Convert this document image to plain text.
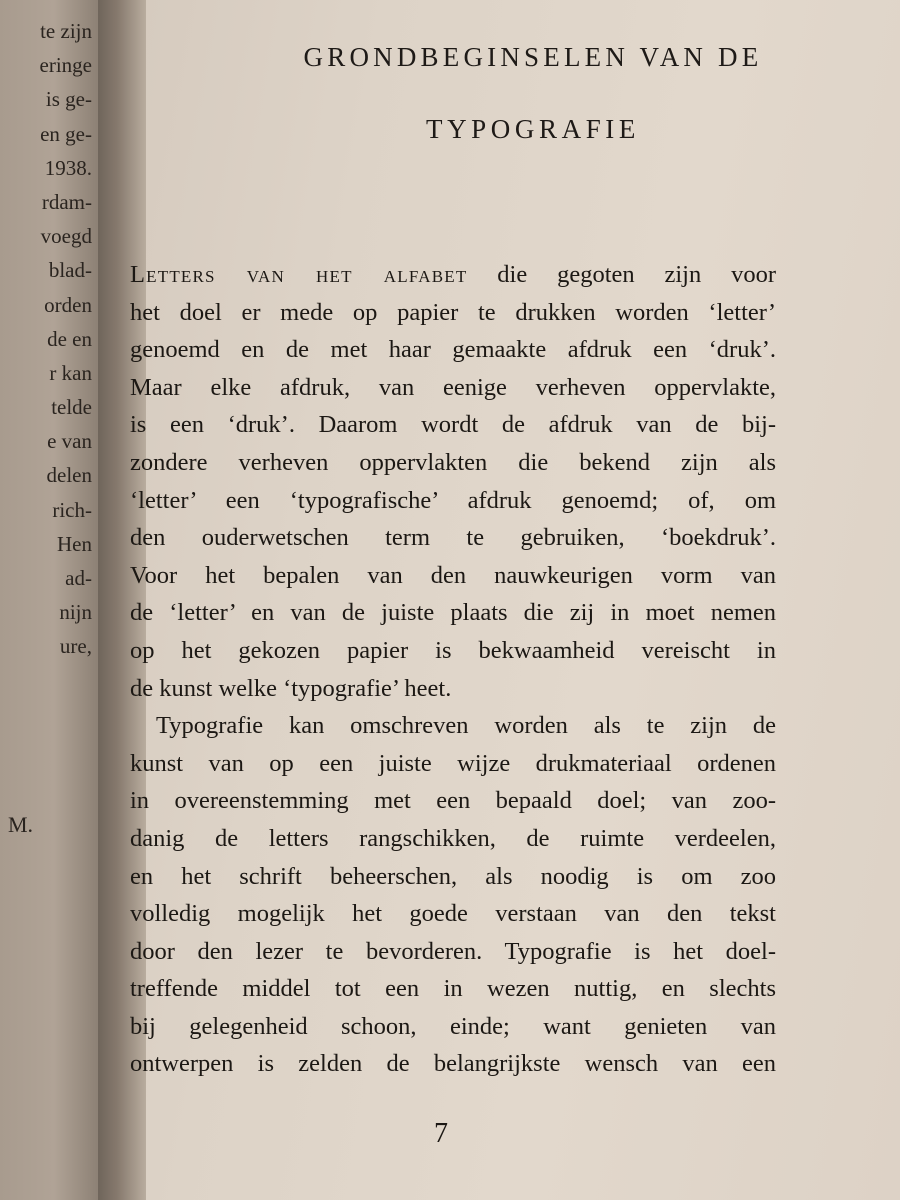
te zijn
eringe
is ge-
en ge-
1938.
rdam-
voegd
blad-
orden
de en
r kan
telde
e van
delen
rich-
Hen
ad-
nijn
ure,
M.
GRONDBEGINSELEN VAN DE
TYPOGRAFIE
Letters van het alfabet die gegoten zijn voor
het doel er mede op papier te drukken worden ‘letter’
genoemd en de met haar gemaakte afdruk een ‘druk’.
Maar elke afdruk, van eenige verheven oppervlakte,
is een ‘druk’. Daarom wordt de afdruk van de bij-
zondere verheven oppervlakten die bekend zijn als
‘letter’ een ‘typografische’ afdruk genoemd; of, om
den ouderwetschen term te gebruiken, ‘boekdruk’.
Voor het bepalen van den nauwkeurigen vorm van
de ‘letter’ en van de juiste plaats die zij in moet nemen
op het gekozen papier is bekwaamheid vereischt in
de kunst welke ‘typografie’ heet.
Typografie kan omschreven worden als te zijn de
kunst van op een juiste wijze drukmateriaal ordenen
in overeenstemming met een bepaald doel; van zoo-
danig de letters rangschikken, de ruimte verdeelen,
en het schrift beheerschen, als noodig is om zoo
volledig mogelijk het goede verstaan van den tekst
door den lezer te bevorderen. Typografie is het doel-
treffende middel tot een in wezen nuttig, en slechts
bij gelegenheid schoon, einde; want genieten van
ontwerpen is zelden de belangrijkste wensch van een
7
